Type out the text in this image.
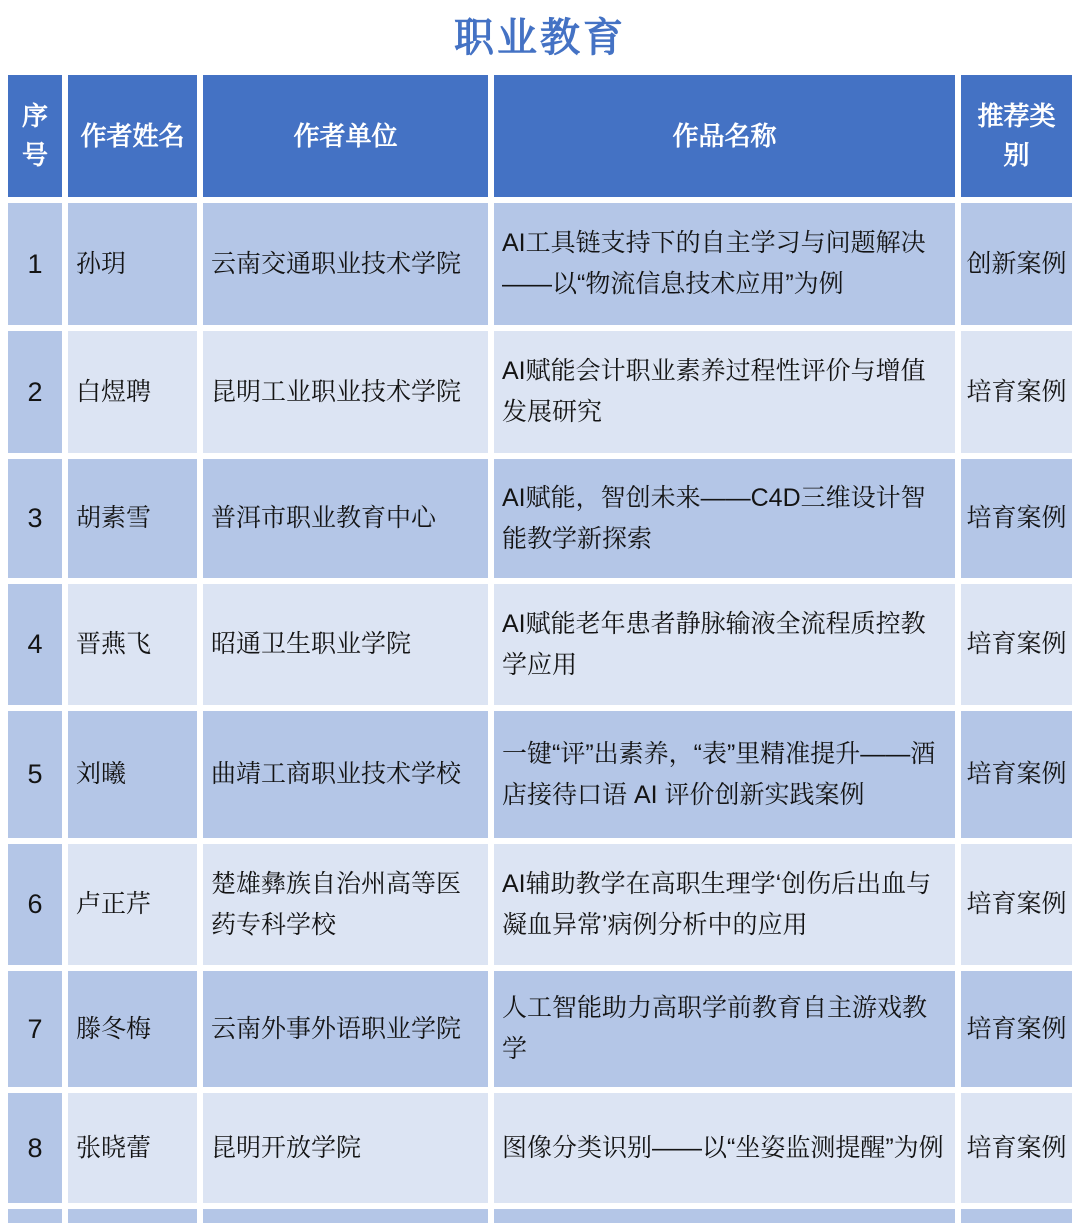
职业教育
序号	作者姓名	作者单位	作品名称	推荐类别
1	孙玥	云南交通职业技术学院	AI工具链支持下的自主学习与问题解决——以“物流信息技术应用”为例	创新案例
2	白煜聘	昆明工业职业技术学院	AI赋能会计职业素养过程性评价与增值发展研究	培育案例
3	胡素雪	普洱市职业教育中心	AI赋能，智创未来——C4D三维设计智能教学新探索	培育案例
4	晋燕飞	昭通卫生职业学院	AI赋能老年患者静脉输液全流程质控教学应用	培育案例
5	刘曦	曲靖工商职业技术学校	一键“评”出素养，“表”里精准提升——酒店接待口语 AI 评价创新实践案例	培育案例
6	卢正芹	楚雄彝族自治州高等医药专科学校	AI辅助教学在高职生理学‘创伤后出血与凝血异常’病例分析中的应用	培育案例
7	滕冬梅	云南外事外语职业学院	人工智能助力高职学前教育自主游戏教学	培育案例
8	张晓蕾	昆明开放学院	图像分类识别——以“坐姿监测提醒”为例	培育案例
